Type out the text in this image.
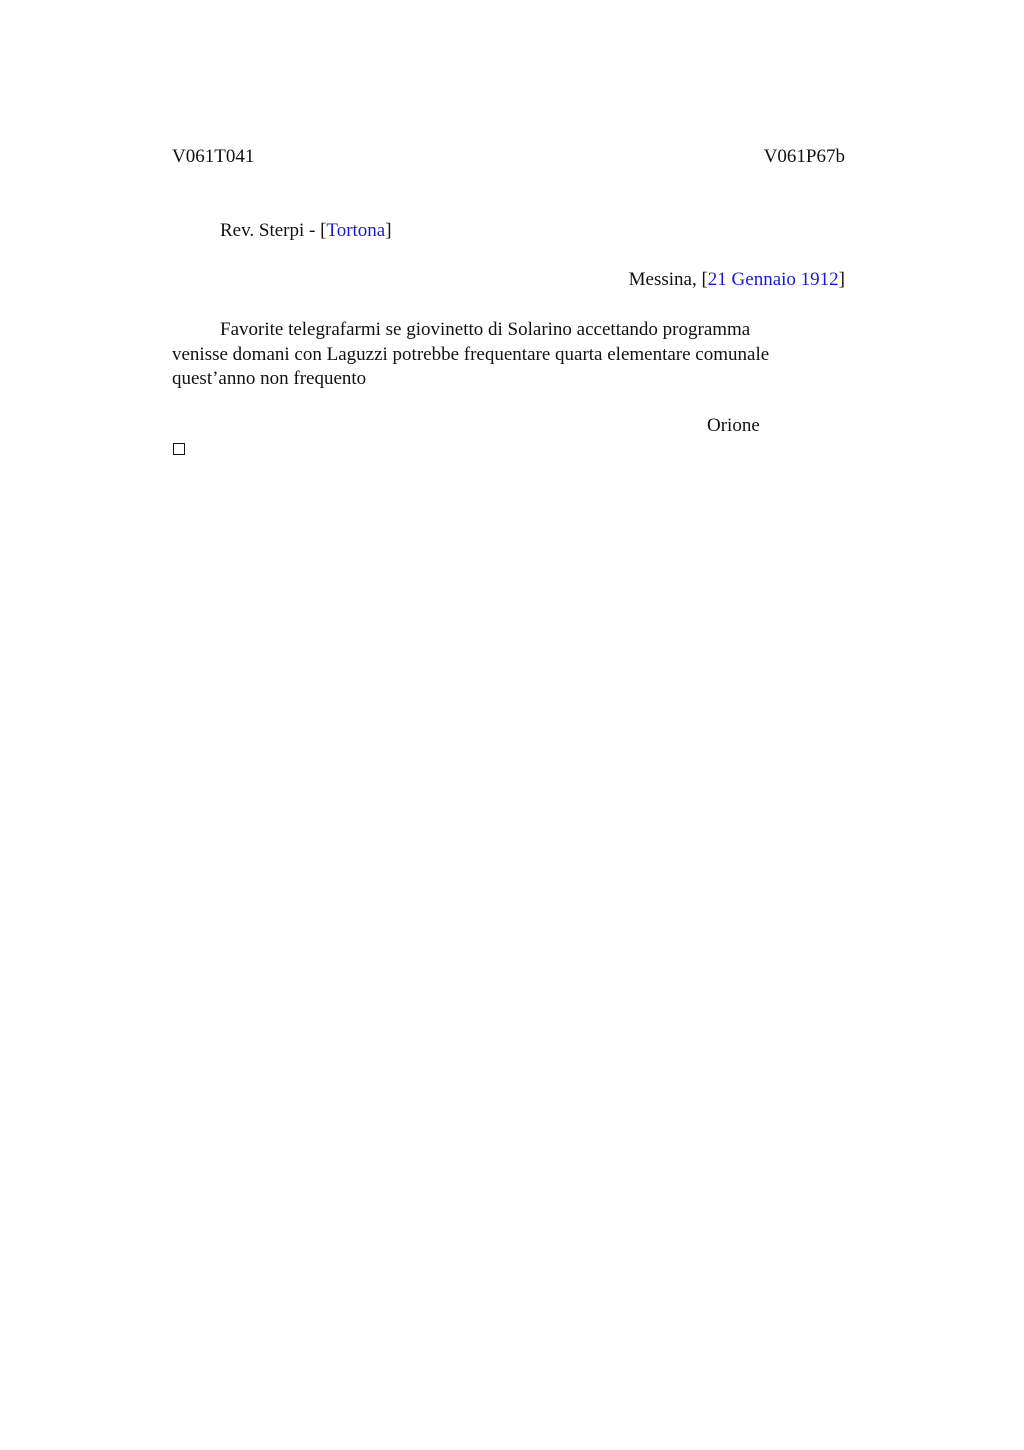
V061T041	V061P67b
Rev. Sterpi - [Tortona]
Messina, [21 Gennaio 1912]
Favorite telegrafarmi se giovinetto di Solarino accettando programma
venisse domani con Laguzzi potrebbe frequentare quarta elementare comunale
quest’anno non frequento
Orione
